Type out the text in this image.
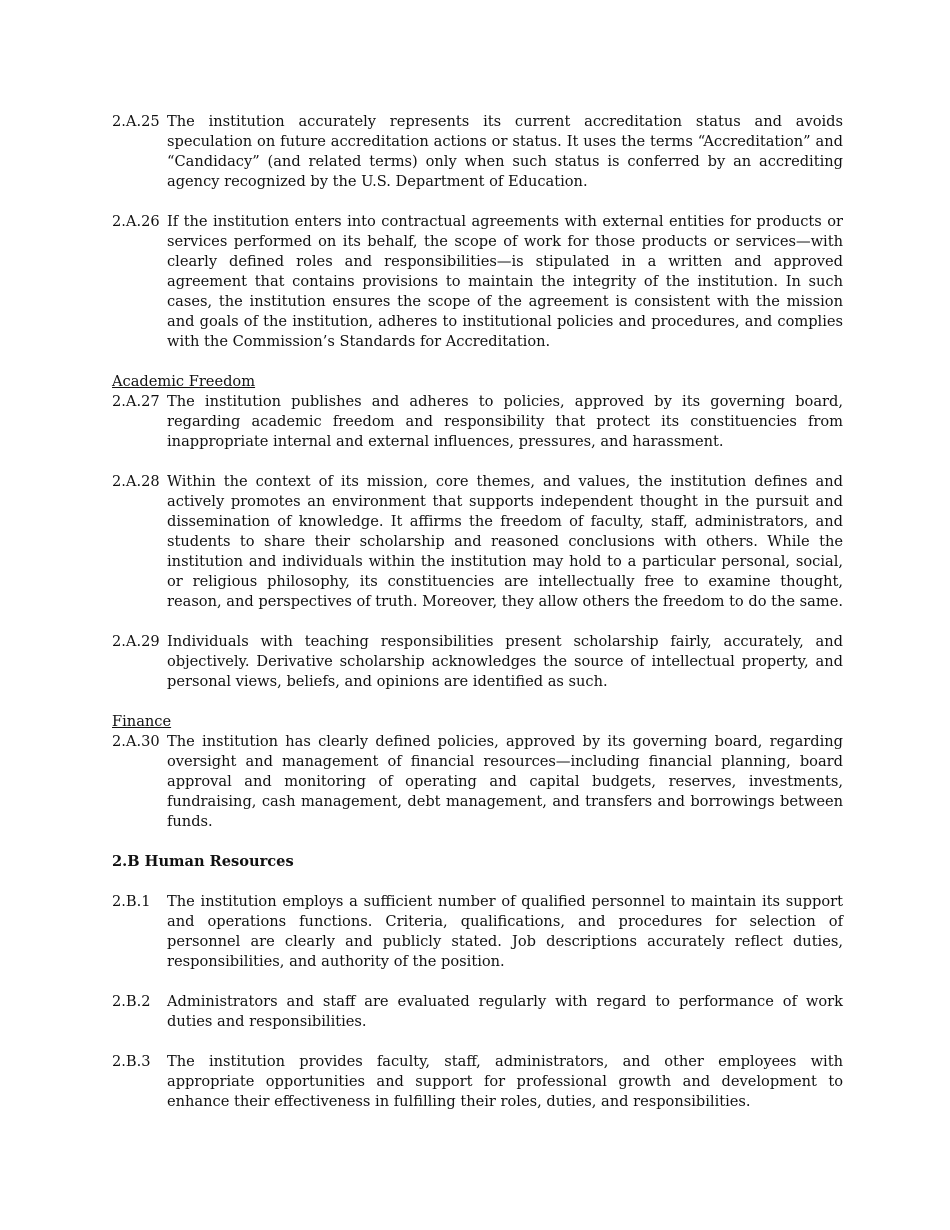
2.A.25 The institution accurately represents its current accreditation status and avoids speculation on future accreditation actions or status. It uses the terms “Accreditation” and “Candidacy” (and related terms) only when such status is conferred by an accrediting agency recognized by the U.S. Department of Education.
2.A.26 If the institution enters into contractual agreements with external entities for products or services performed on its behalf, the scope of work for those products or services—with clearly defined roles and responsibilities—is stipulated in a written and approved agreement that contains provisions to maintain the integrity of the institution. In such cases, the institution ensures the scope of the agreement is consistent with the mission and goals of the institution, adheres to institutional policies and procedures, and complies with the Commission’s Standards for Accreditation.
Academic Freedom
2.A.27 The institution publishes and adheres to policies, approved by its governing board, regarding academic freedom and responsibility that protect its constituencies from inappropriate internal and external influences, pressures, and harassment.
2.A.28 Within the context of its mission, core themes, and values, the institution defines and actively promotes an environment that supports independent thought in the pursuit and dissemination of knowledge. It affirms the freedom of faculty, staff, administrators, and students to share their scholarship and reasoned conclusions with others. While the institution and individuals within the institution may hold to a particular personal, social, or religious philosophy, its constituencies are intellectually free to examine thought, reason, and perspectives of truth. Moreover, they allow others the freedom to do the same.
2.A.29 Individuals with teaching responsibilities present scholarship fairly, accurately, and objectively. Derivative scholarship acknowledges the source of intellectual property, and personal views, beliefs, and opinions are identified as such.
Finance
2.A.30 The institution has clearly defined policies, approved by its governing board, regarding oversight and management of financial resources—including financial planning, board approval and monitoring of operating and capital budgets, reserves, investments, fundraising, cash management, debt management, and transfers and borrowings between funds.
2.B Human Resources
2.B.1	The institution employs a sufficient number of qualified personnel to maintain its support and operations functions. Criteria, qualifications, and procedures for selection of personnel are clearly and publicly stated. Job descriptions accurately reflect duties, responsibilities, and authority of the position.
2.B.2	Administrators and staff are evaluated regularly with regard to performance of work duties and responsibilities.
2.B.3	The institution provides faculty, staff, administrators, and other employees with appropriate opportunities and support for professional growth and development to enhance their effectiveness in fulfilling their roles, duties, and responsibilities.
